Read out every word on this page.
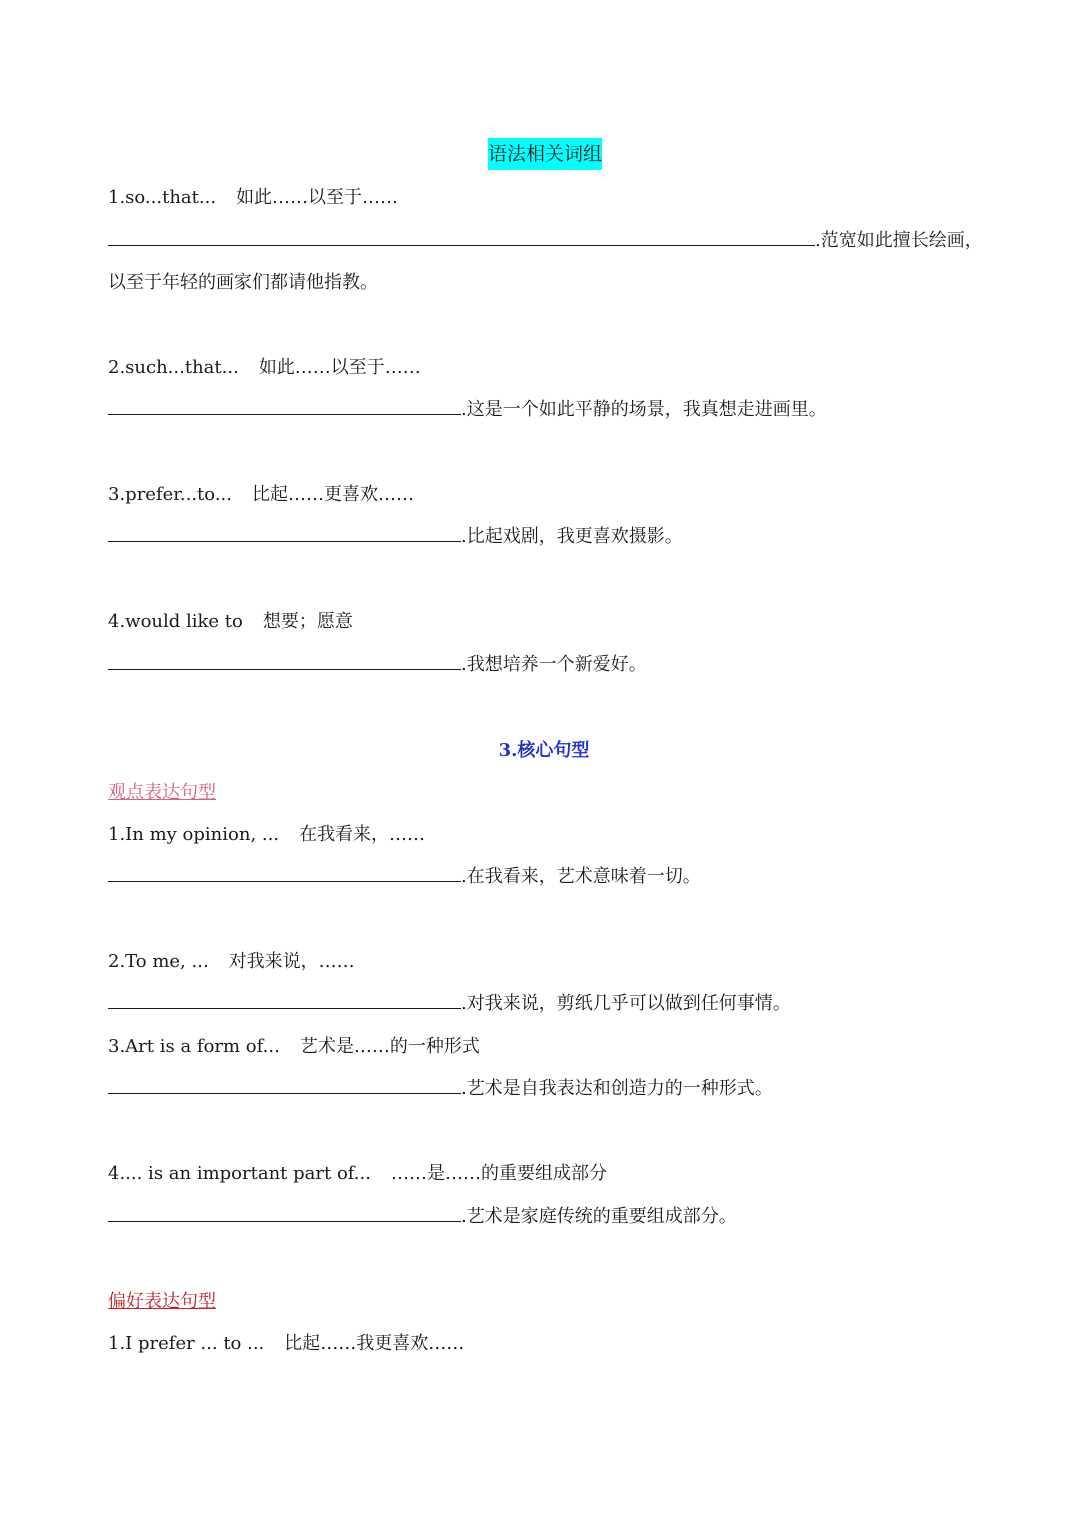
语法相关词组
1.so...that... 如此……以至于……
.范宽如此擅长绘画，
以至于年轻的画家们都请他指教。
2.such...that... 如此……以至于……
.这是一个如此平静的场景，我真想走进画里。
3.prefer...to... 比起……更喜欢……
.比起戏剧，我更喜欢摄影。
4.would like to 想要；愿意
.我想培养一个新爱好。
3.核心句型
观点表达句型
1.In my opinion, ... 在我看来，……
.在我看来，艺术意味着一切。
2.To me, ... 对我来说，……
.对我来说，剪纸几乎可以做到任何事情。
3.Art is a form of... 艺术是……的一种形式
.艺术是自我表达和创造力的一种形式。
4.... is an important part of... ……是……的重要组成部分
.艺术是家庭传统的重要组成部分。
偏好表达句型
1.I prefer ... to ... 比起……我更喜欢……
